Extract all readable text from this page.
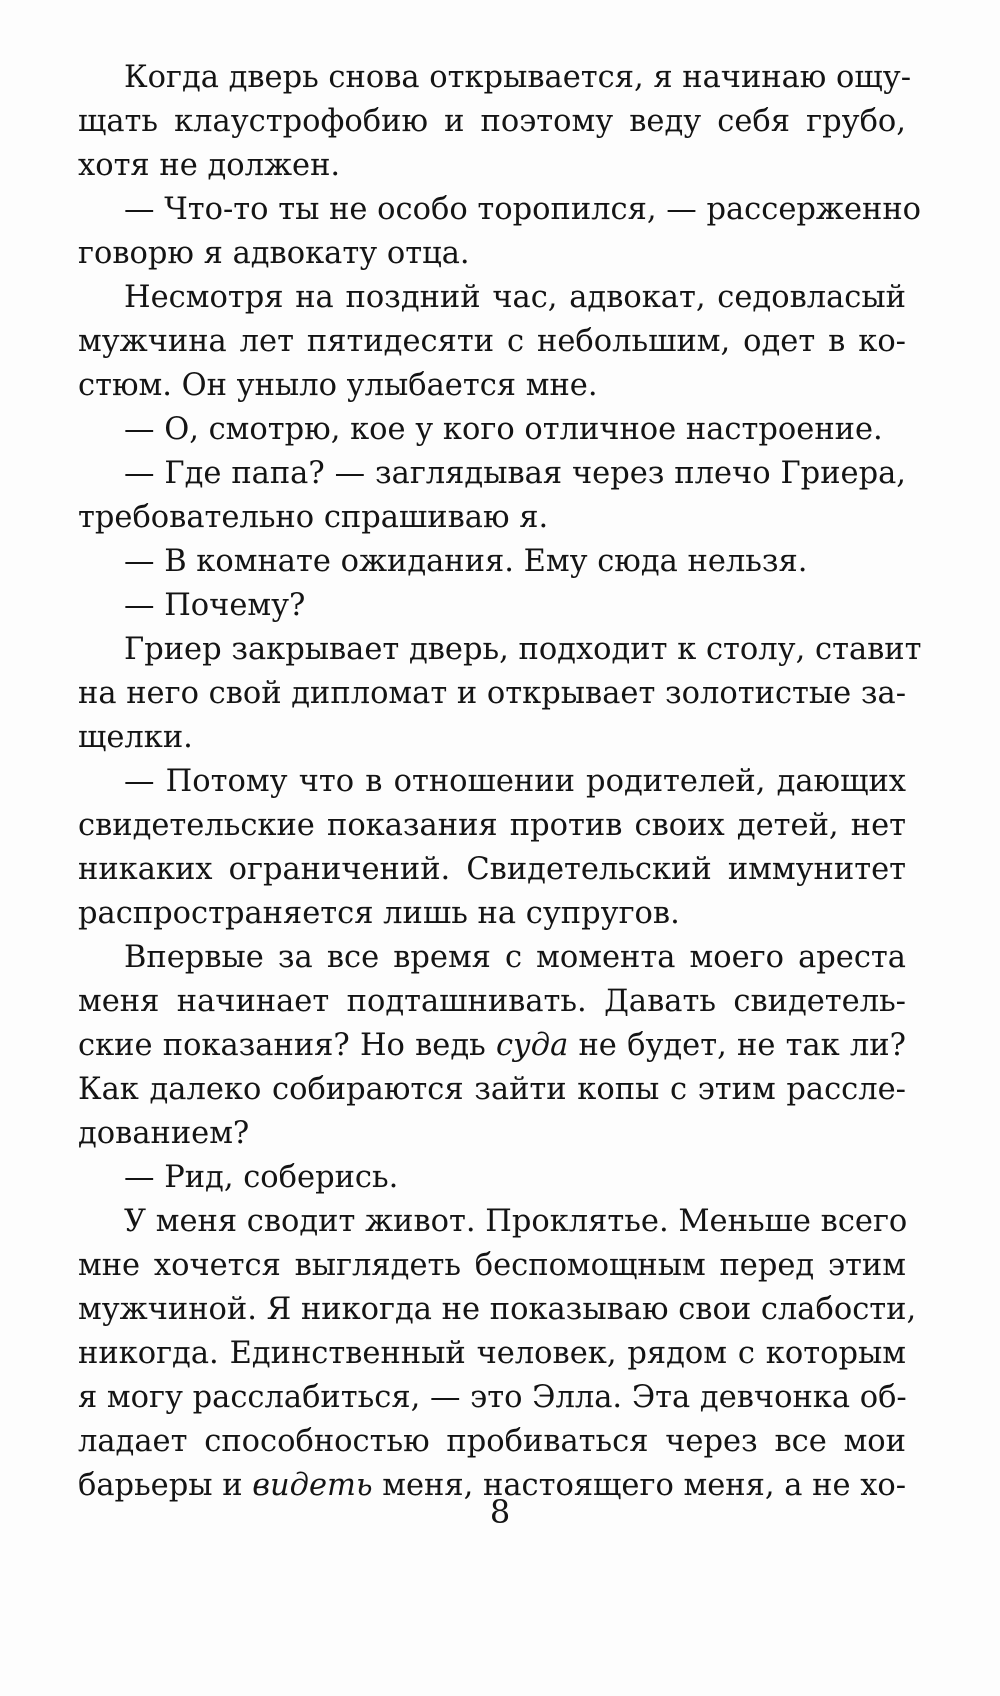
Когда дверь снова открывается, я начинаю ощу-
щать клаустрофобию и поэтому веду себя грубо,
хотя не должен.
— Что-то ты не особо торопился, — рассерженно
говорю я адвокату отца.
Несмотря на поздний час, адвокат, седовласый
мужчина лет пятидесяти с небольшим, одет в ко-
стюм. Он уныло улыбается мне.
— О, смотрю, кое у кого отличное настроение.
— Где папа? — заглядывая через плечо Гриера,
требовательно спрашиваю я.
— В комнате ожидания. Ему сюда нельзя.
— Почему?
Гриер закрывает дверь, подходит к столу, ставит
на него свой дипломат и открывает золотистые за-
щелки.
— Потому что в отношении родителей, дающих
свидетельские показания против своих детей, нет
никаких ограничений. Свидетельский иммунитет
распространяется лишь на супругов.
Впервые за все время с момента моего ареста
меня начинает подташнивать. Давать свидетель-
ские показания? Но ведь суда не будет, не так ли?
Как далеко собираются зайти копы с этим рассле-
дованием?
— Рид, соберись.
У меня сводит живот. Проклятье. Меньше всего
мне хочется выглядеть беспомощным перед этим
мужчиной. Я никогда не показываю свои слабости,
никогда. Единственный человек, рядом с которым
я могу расслабиться, — это Элла. Эта девчонка об-
ладает способностью пробиваться через все мои
барьеры и видеть меня, настоящего меня, а не хо-
8
